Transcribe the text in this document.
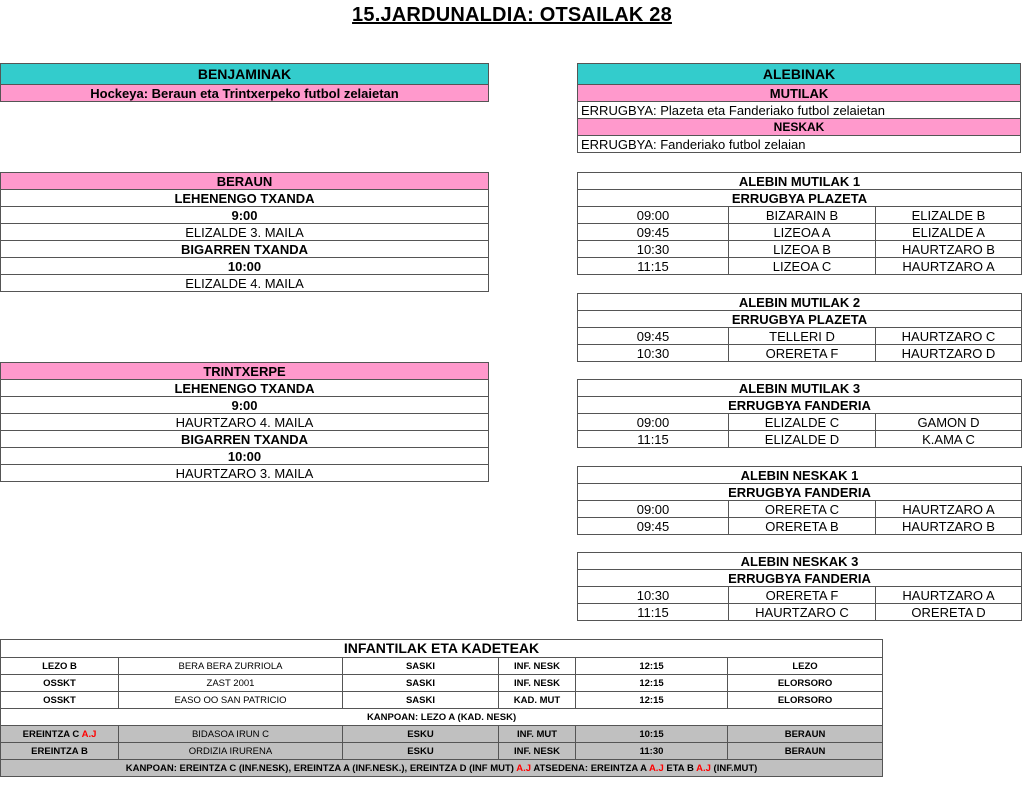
15.JARDUNALDIA: OTSAILAK 28
BENJAMINAK
Hockeya: Beraun eta Trintxerpeko futbol zelaietan
ALEBINAK
MUTILAK
ERRUGBYA: Plazeta eta Fanderiako futbol zelaietan
NESKAK
ERRUGBYA: Fanderiako futbol zelaian
BERAUN
LEHENENGO TXANDA
9:00
ELIZALDE 3. MAILA
BIGARREN TXANDA
10:00
ELIZALDE 4. MAILA
TRINTXERPE
LEHENENGO TXANDA
9:00
HAURTZARO 4. MAILA
BIGARREN TXANDA
10:00
HAURTZARO 3. MAILA
ALEBIN MUTILAK 1		
ERRUGBYA PLAZETA		
09:00	BIZARAIN B	ELIZALDE B
09:45	LIZEOA A	ELIZALDE A
10:30	LIZEOA B	HAURTZARO B
11:15	LIZEOA C	HAURTZARO A
ALEBIN MUTILAK 2		
ERRUGBYA PLAZETA		
09:45	TELLERI D	HAURTZARO C
10:30	ORERETA F	HAURTZARO D
ALEBIN MUTILAK 3		
ERRUGBYA FANDERIA		
09:00	ELIZALDE C	GAMON D
11:15	ELIZALDE D	K.AMA C
ALEBIN NESKAK 1		
ERRUGBYA FANDERIA		
09:00	ORERETA C	HAURTZARO A
09:45	ORERETA B	HAURTZARO B
ALEBIN NESKAK 3		
ERRUGBYA FANDERIA		
10:30	ORERETA F	HAURTZARO A
11:15	HAURTZARO C	ORERETA D
INFANTILAK ETA KADETEAK					
LEZO B	BERA BERA ZURRIOLA	SASKI	INF. NESK	12:15	LEZO
OSSKT	ZAST 2001	SASKI	INF. NESK	12:15	ELORSORO
OSSKT	EASO OO SAN PATRICIO	SASKI	KAD. MUT	12:15	ELORSORO
KANPOAN: LEZO A (KAD. NESK)					
EREINTZA C A.J	BIDASOA IRUN C	ESKU	INF. MUT	10:15	BERAUN
EREINTZA B	ORDIZIA IRURENA	ESKU	INF. NESK	11:30	BERAUN
KANPOAN: EREINTZA C (INF.NESK), EREINTZA A (INF.NESK.), EREINTZA D (INF MUT) A.J ATSEDENA: EREINTZA A A.J ETA B A.J (INF.MUT)					
